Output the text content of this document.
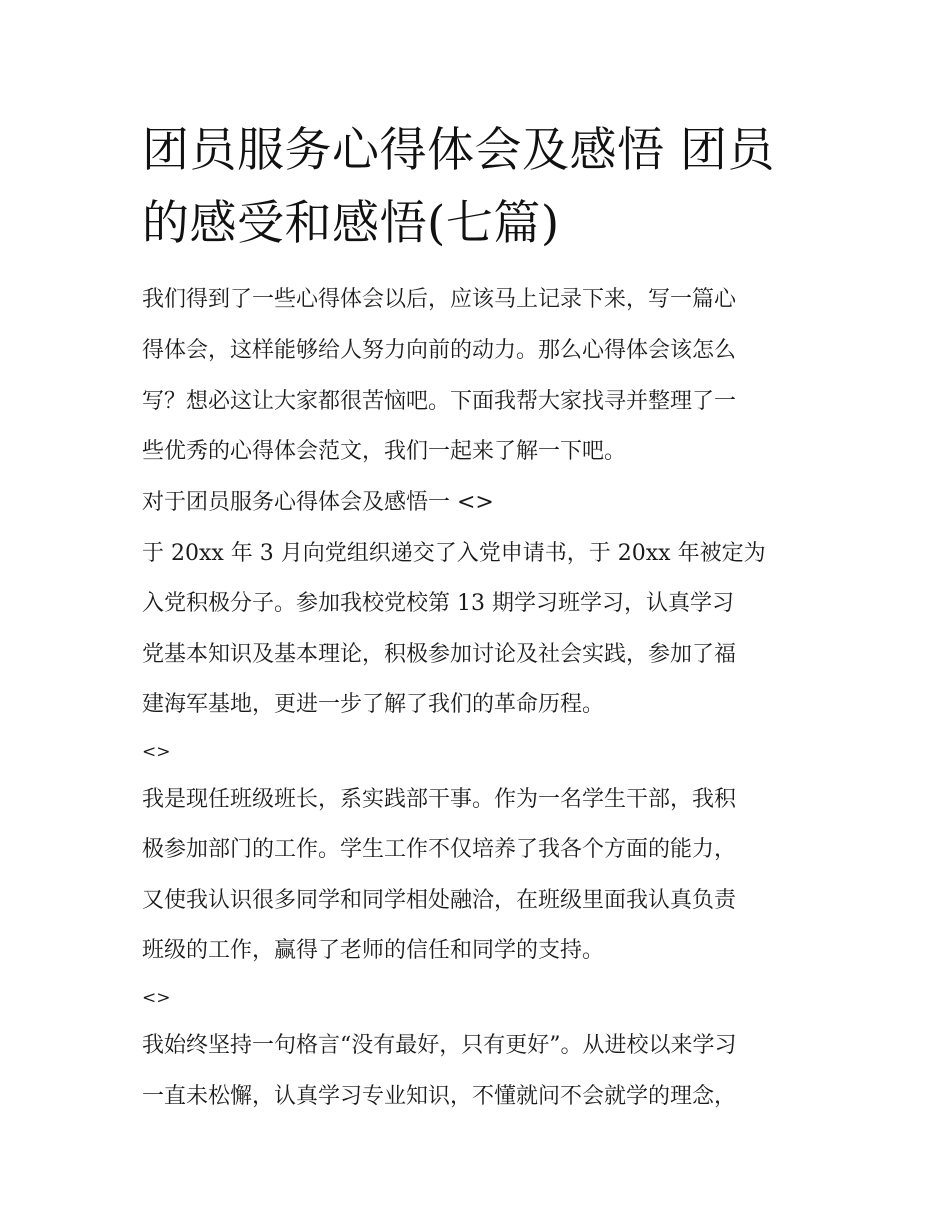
团员服务心得体会及感悟 团员
的感受和感悟(七篇)
我们得到了一些心得体会以后，应该马上记录下来，写一篇心
得体会，这样能够给人努力向前的动力。那么心得体会该怎么
写？想必这让大家都很苦恼吧。下面我帮大家找寻并整理了一
些优秀的心得体会范文，我们一起来了解一下吧。
对于团员服务心得体会及感悟一 <>
于 20xx 年 3 月向党组织递交了入党申请书，于 20xx 年被定为
入党积极分子。参加我校党校第 13 期学习班学习，认真学习
党基本知识及基本理论，积极参加讨论及社会实践，参加了福
建海军基地，更进一步了解了我们的革命历程。
<>
我是现任班级班长，系实践部干事。作为一名学生干部，我积
极参加部门的工作。学生工作不仅培养了我各个方面的能力，
又使我认识很多同学和同学相处融洽，在班级里面我认真负责
班级的工作，赢得了老师的信任和同学的支持。
<>
我始终坚持一句格言“没有最好，只有更好”。从进校以来学习
一直未松懈，认真学习专业知识，不懂就问不会就学的理念，
